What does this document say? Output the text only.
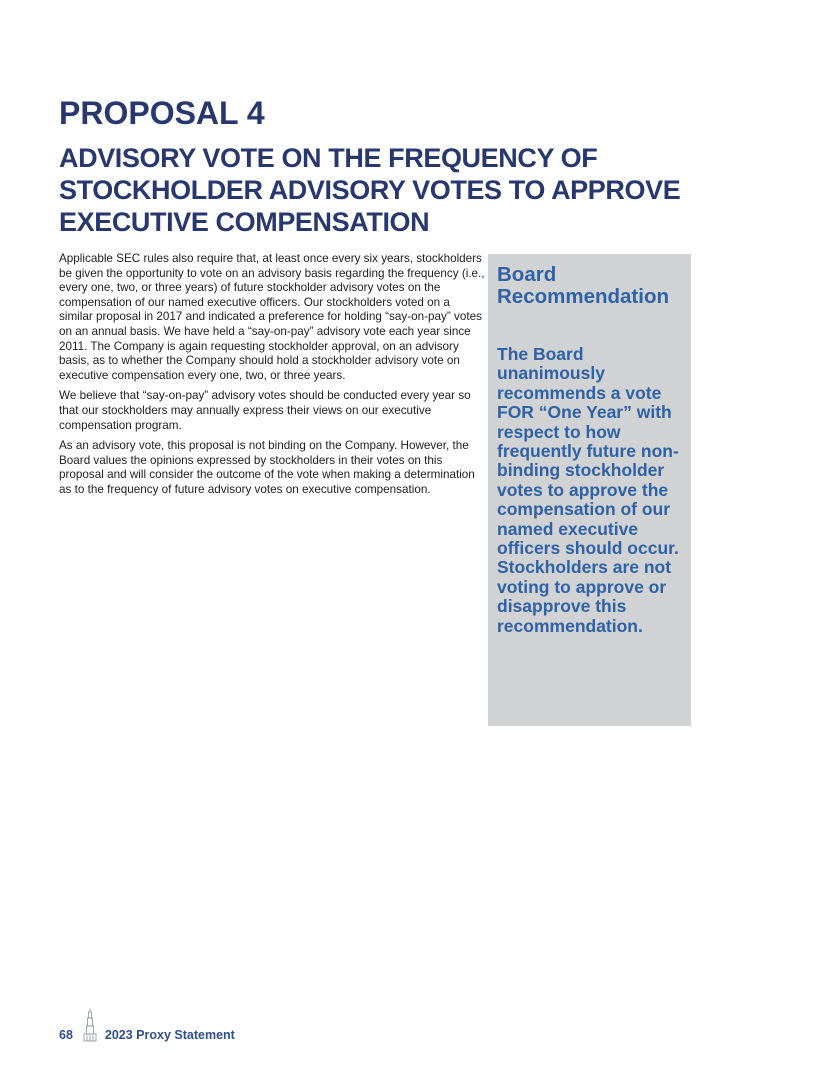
PROPOSAL 4
ADVISORY VOTE ON THE FREQUENCY OF STOCKHOLDER ADVISORY VOTES TO APPROVE EXECUTIVE COMPENSATION

Applicable SEC rules also require that, at least once every six years, stockholders be given the opportunity to vote on an advisory basis regarding the frequency (i.e., every one, two, or three years) of future stockholder advisory votes on the compensation of our named executive officers. Our stockholders voted on a similar proposal in 2017 and indicated a preference for holding “say-on-pay” votes on an annual basis. We have held a “say-on-pay” advisory vote each year since 2011. The Company is again requesting stockholder approval, on an advisory basis, as to whether the Company should hold a stockholder advisory vote on executive compensation every one, two, or three years.

We believe that “say-on-pay” advisory votes should be conducted every year so that our stockholders may annually express their views on our executive compensation program.

As an advisory vote, this proposal is not binding on the Company. However, the Board values the opinions expressed by stockholders in their votes on this proposal and will consider the outcome of the vote when making a determination as to the frequency of future advisory votes on executive compensation.

Board Recommendation
The Board unanimously recommends a vote FOR “One Year” with respect to how frequently future non-binding stockholder votes to approve the compensation of our named executive officers should occur. Stockholders are not voting to approve or disapprove this recommendation.
68	2023 Proxy Statement
